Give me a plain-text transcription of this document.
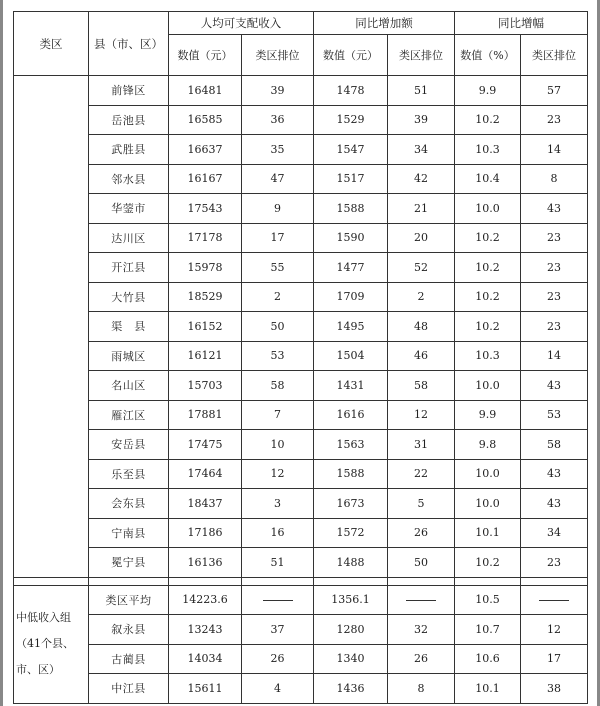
类区	县（市、区）	人均可支配收入		同比增加额		同比增幅	
		数值（元）	类区排位	数值（元）	类区排位	数值（%）	类区排位
	前锋区	16481	39	1478	51	9.9	57
	岳池县	16585	36	1529	39	10.2	23
	武胜县	16637	35	1547	34	10.3	14
	邻水县	16167	47	1517	42	10.4	8
	华蓥市	17543	9	1588	21	10.0	43
	达川区	17178	17	1590	20	10.2	23
	开江县	15978	55	1477	52	10.2	23
	大竹县	18529	2	1709	2	10.2	23
	渠　县	16152	50	1495	48	10.2	23
	雨城区	16121	53	1504	46	10.3	14
	名山区	15703	58	1431	58	10.0	43
	雁江区	17881	7	1616	12	9.9	53
	安岳县	17475	10	1563	31	9.8	58
	乐至县	17464	12	1588	22	10.0	43
	会东县	18437	3	1673	5	10.0	43
	宁南县	17186	16	1572	26	10.1	34
	冕宁县	16136	51	1488	50	10.2	23

中低收入组（41个县、市、区）	类区平均	14223.6		1356.1		10.5	
	叙永县	13243	37	1280	32	10.7	12
	古蔺县	14034	26	1340	26	10.6	17
	中江县	15611	4	1436	8	10.1	38
